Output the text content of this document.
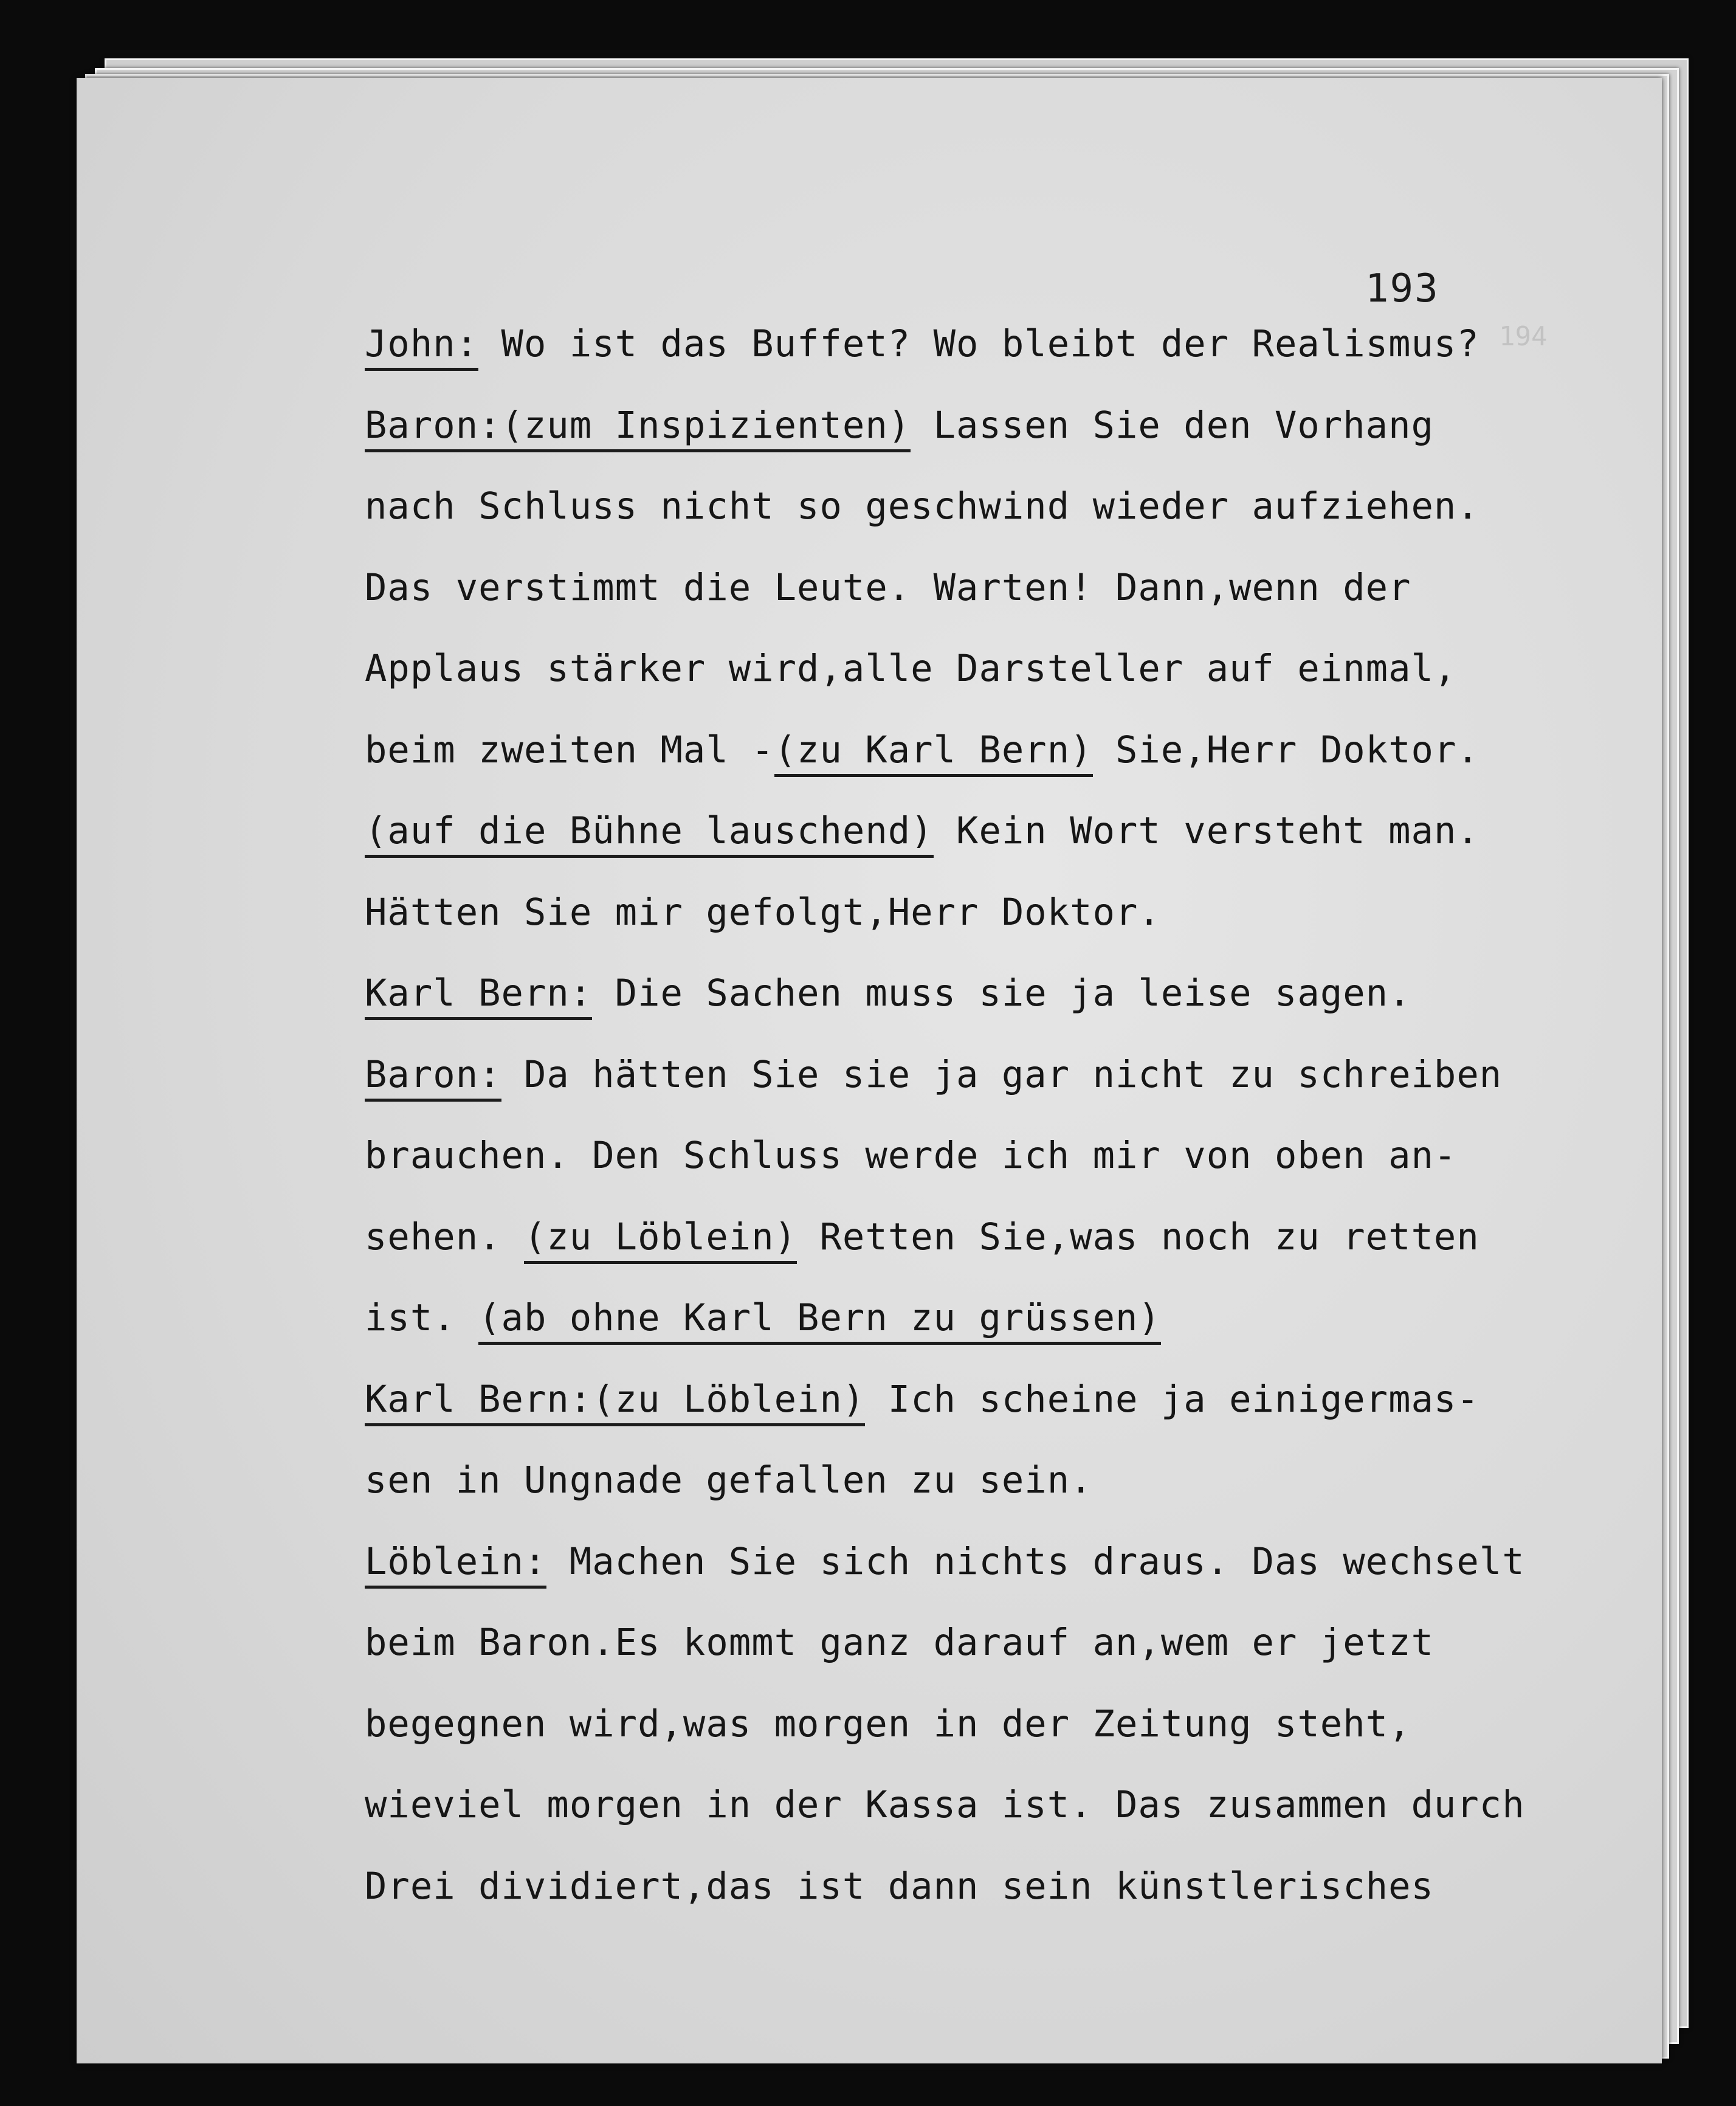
193
194
John: Wo ist das Buffet? Wo bleibt der Realismus?
Baron:(zum Inspizienten) Lassen Sie den Vorhang
nach Schluss nicht so geschwind wieder aufziehen.
Das verstimmt die Leute. Warten! Dann,wenn der
Applaus stärker wird,alle Darsteller auf einmal,
beim zweiten Mal -(zu Karl Bern) Sie,Herr Doktor.
(auf die Bühne lauschend) Kein Wort versteht man.
Hätten Sie mir gefolgt,Herr Doktor.
Karl Bern: Die Sachen muss sie ja leise sagen.
Baron: Da hätten Sie sie ja gar nicht zu schreiben
brauchen. Den Schluss werde ich mir von oben an-
sehen. (zu Löblein) Retten Sie,was noch zu retten
ist. (ab ohne Karl Bern zu grüssen)
Karl Bern:(zu Löblein) Ich scheine ja einigermas-
sen in Ungnade gefallen zu sein.
Löblein: Machen Sie sich nichts draus. Das wechselt
beim Baron.Es kommt ganz darauf an,wem er jetzt
begegnen wird,was morgen in der Zeitung steht,
wieviel morgen in der Kassa ist. Das zusammen durch
Drei dividiert,das ist dann sein künstlerisches
